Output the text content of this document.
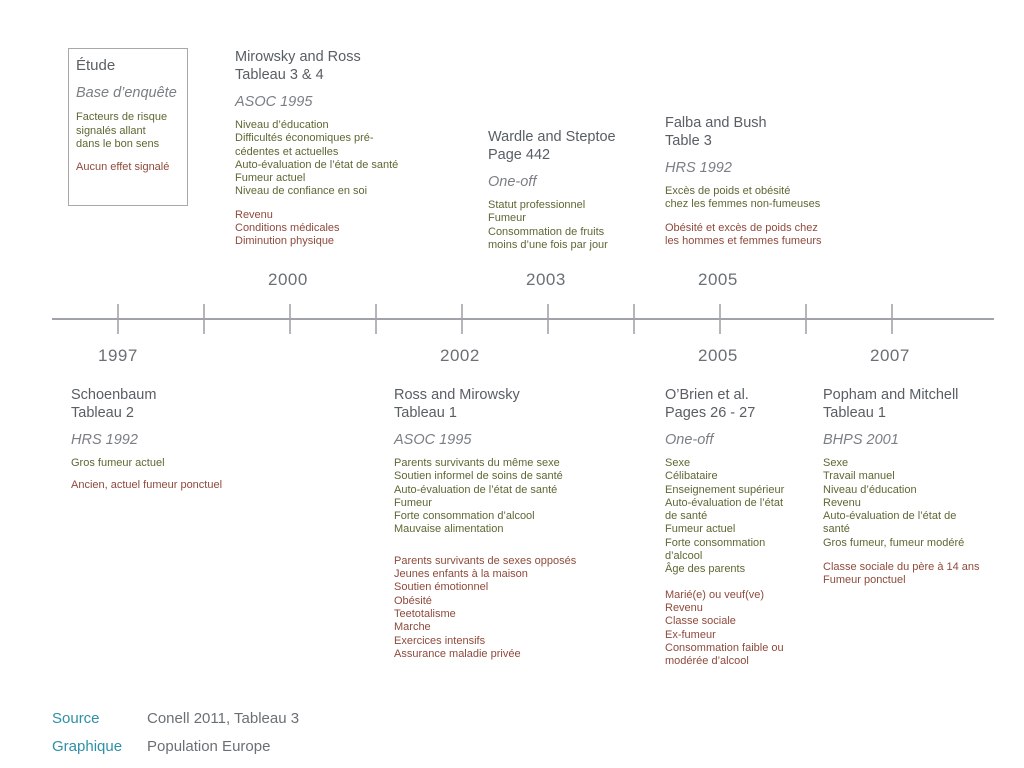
Étude
Base d’enquête
Facteurs de risque
signalés allant
dans le bon sens
Aucun effet signalé
2000	2003	2005
1997	2002	2005	2007
Mirowsky and Ross
Tableau 3 & 4
ASOC 1995
Niveau d’éducation
Difficultés économiques pré-
cédentes et actuelles
Auto-évaluation de l’état de santé
Fumeur actuel
Niveau de confiance en soi
Revenu
Conditions médicales
Diminution physique
Wardle and Steptoe
Page 442
One-off
Statut professionnel
Fumeur
Consommation de fruits
moins d’une fois par jour
Falba and Bush
Table 3
HRS 1992
Excès de poids et obésité
chez les femmes non-fumeuses
Obésité et excès de poids chez
les hommes et femmes fumeurs
Schoenbaum
Tableau 2
HRS 1992
Gros fumeur actuel
Ancien, actuel fumeur ponctuel
Ross and Mirowsky
Tableau 1
ASOC 1995
Parents survivants du même sexe
Soutien informel de soins de santé
Auto-évaluation de l’état de santé
Fumeur
Forte consommation d’alcool
Mauvaise alimentation
Parents survivants de sexes opposés
Jeunes enfants à la maison
Soutien émotionnel
Obésité
Teetotalisme
Marche
Exercices intensifs
Assurance maladie privée
O’Brien et al.
Pages 26 - 27
One-off
Sexe
Célibataire
Enseignement supérieur
Auto-évaluation de l’état
de santé
Fumeur actuel
Forte consommation
d’alcool
Âge des parents
Marié(e) ou veuf(ve)
Revenu
Classe sociale
Ex-fumeur
Consommation faible ou
modérée d’alcool
Popham and Mitchell
Tableau 1
BHPS 2001
Sexe
Travail manuel
Niveau d’éducation
Revenu
Auto-évaluation de l’état de
santé
Gros fumeur, fumeur modéré
Classe sociale du père à 14 ans
Fumeur ponctuel
Source	Conell 2011, Tableau 3
Graphique Population Europe
